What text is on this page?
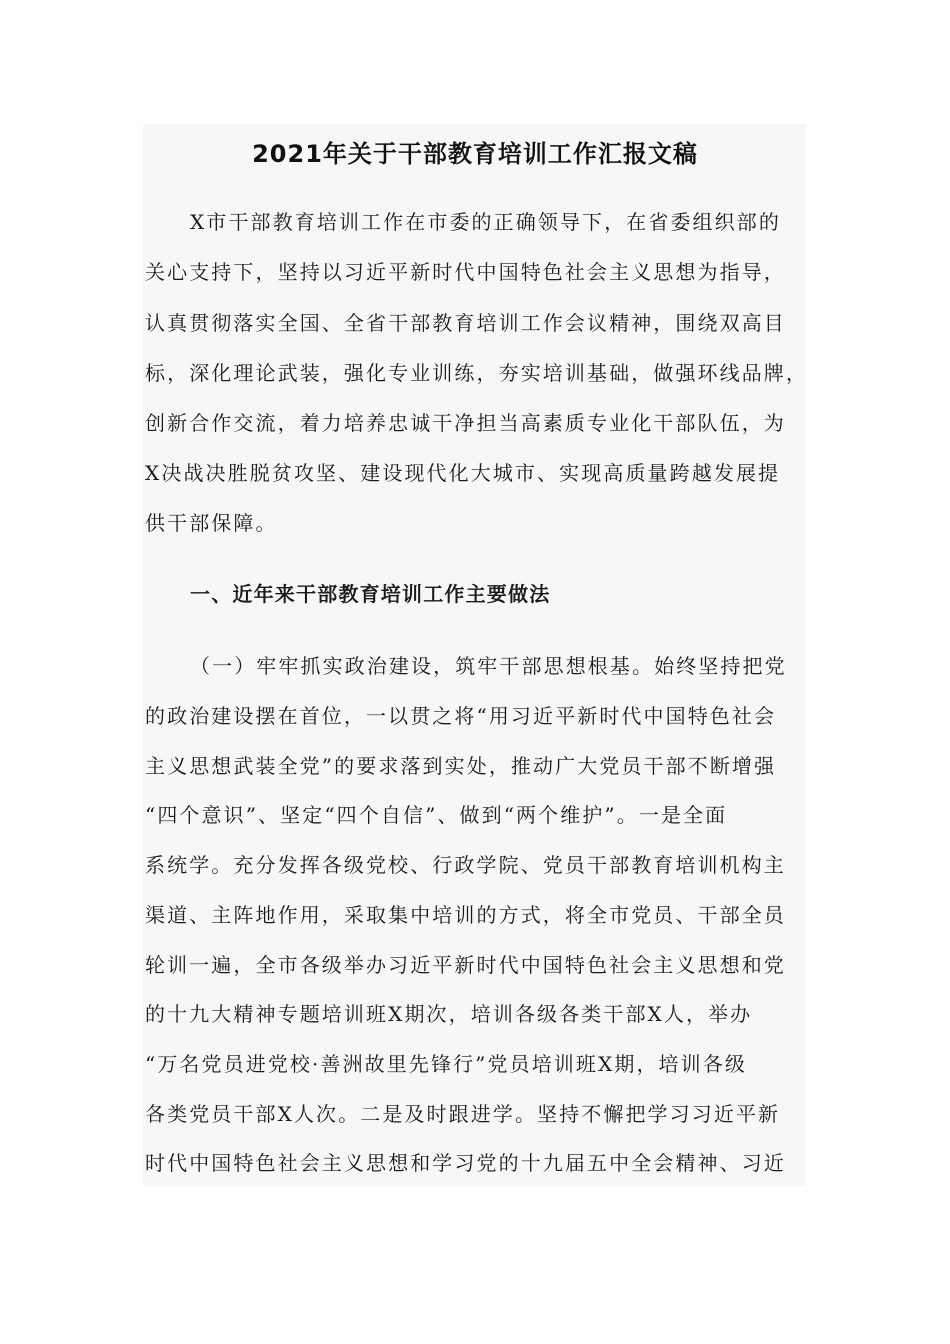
2021年关于干部教育培训工作汇报文稿
X市干部教育培训工作在市委的正确领导下，在省委组织部的
关心支持下，坚持以习近平新时代中国特色社会主义思想为指导，
认真贯彻落实全国、全省干部教育培训工作会议精神，围绕双高目
标，深化理论武装，强化专业训练，夯实培训基础，做强环线品牌，
创新合作交流，着力培养忠诚干净担当高素质专业化干部队伍，为
X决战决胜脱贫攻坚、建设现代化大城市、实现高质量跨越发展提
供干部保障。
一、近年来干部教育培训工作主要做法
（一）牢牢抓实政治建设，筑牢干部思想根基。始终坚持把党
的政治建设摆在首位，一以贯之将“用习近平新时代中国特色社会
主义思想武装全党”的要求落到实处，推动广大党员干部不断增强
“四个意识”、坚定“四个自信”、做到“两个维护”。一是全面
系统学。充分发挥各级党校、行政学院、党员干部教育培训机构主
渠道、主阵地作用，采取集中培训的方式，将全市党员、干部全员
轮训一遍，全市各级举办习近平新时代中国特色社会主义思想和党
的十九大精神专题培训班X期次，培训各级各类干部X人，举办
“万名党员进党校·善洲故里先锋行”党员培训班X期，培训各级
各类党员干部X人次。二是及时跟进学。坚持不懈把学习习近平新
时代中国特色社会主义思想和学习党的十九届五中全会精神、习近
